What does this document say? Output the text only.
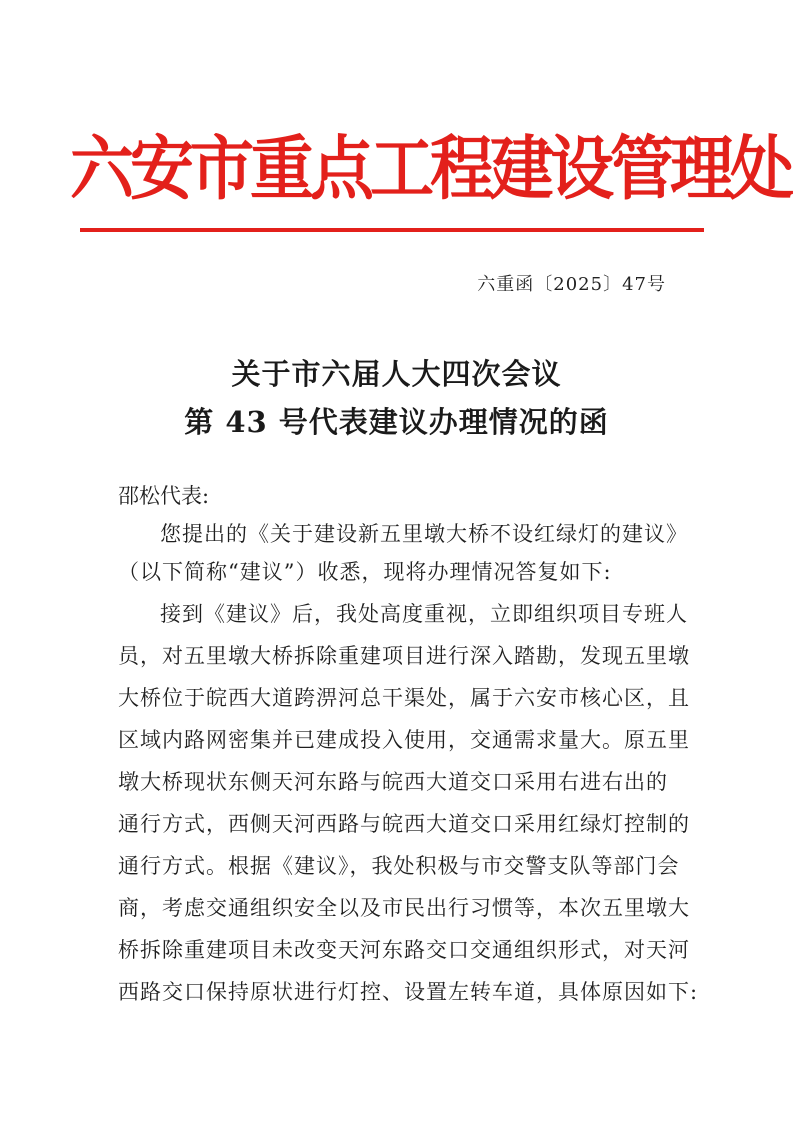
六安市重点工程建设管理处
六重函〔2025〕47号
关于市六届人大四次会议
第 43 号代表建议办理情况的函
邵松代表:
您提出的《关于建设新五里墩大桥不设红绿灯的建议》
（以下简称“建议”）收悉，现将办理情况答复如下:
接到《建议》后，我处高度重视，立即组织项目专班人
员，对五里墩大桥拆除重建项目进行深入踏勘，发现五里墩
大桥位于皖西大道跨淠河总干渠处，属于六安市核心区，且
区域内路网密集并已建成投入使用，交通需求量大。原五里
墩大桥现状东侧天河东路与皖西大道交口采用右进右出的
通行方式，西侧天河西路与皖西大道交口采用红绿灯控制的
通行方式。根据《建议》，我处积极与市交警支队等部门会
商，考虑交通组织安全以及市民出行习惯等，本次五里墩大
桥拆除重建项目未改变天河东路交口交通组织形式，对天河
西路交口保持原状进行灯控、设置左转车道，具体原因如下:
